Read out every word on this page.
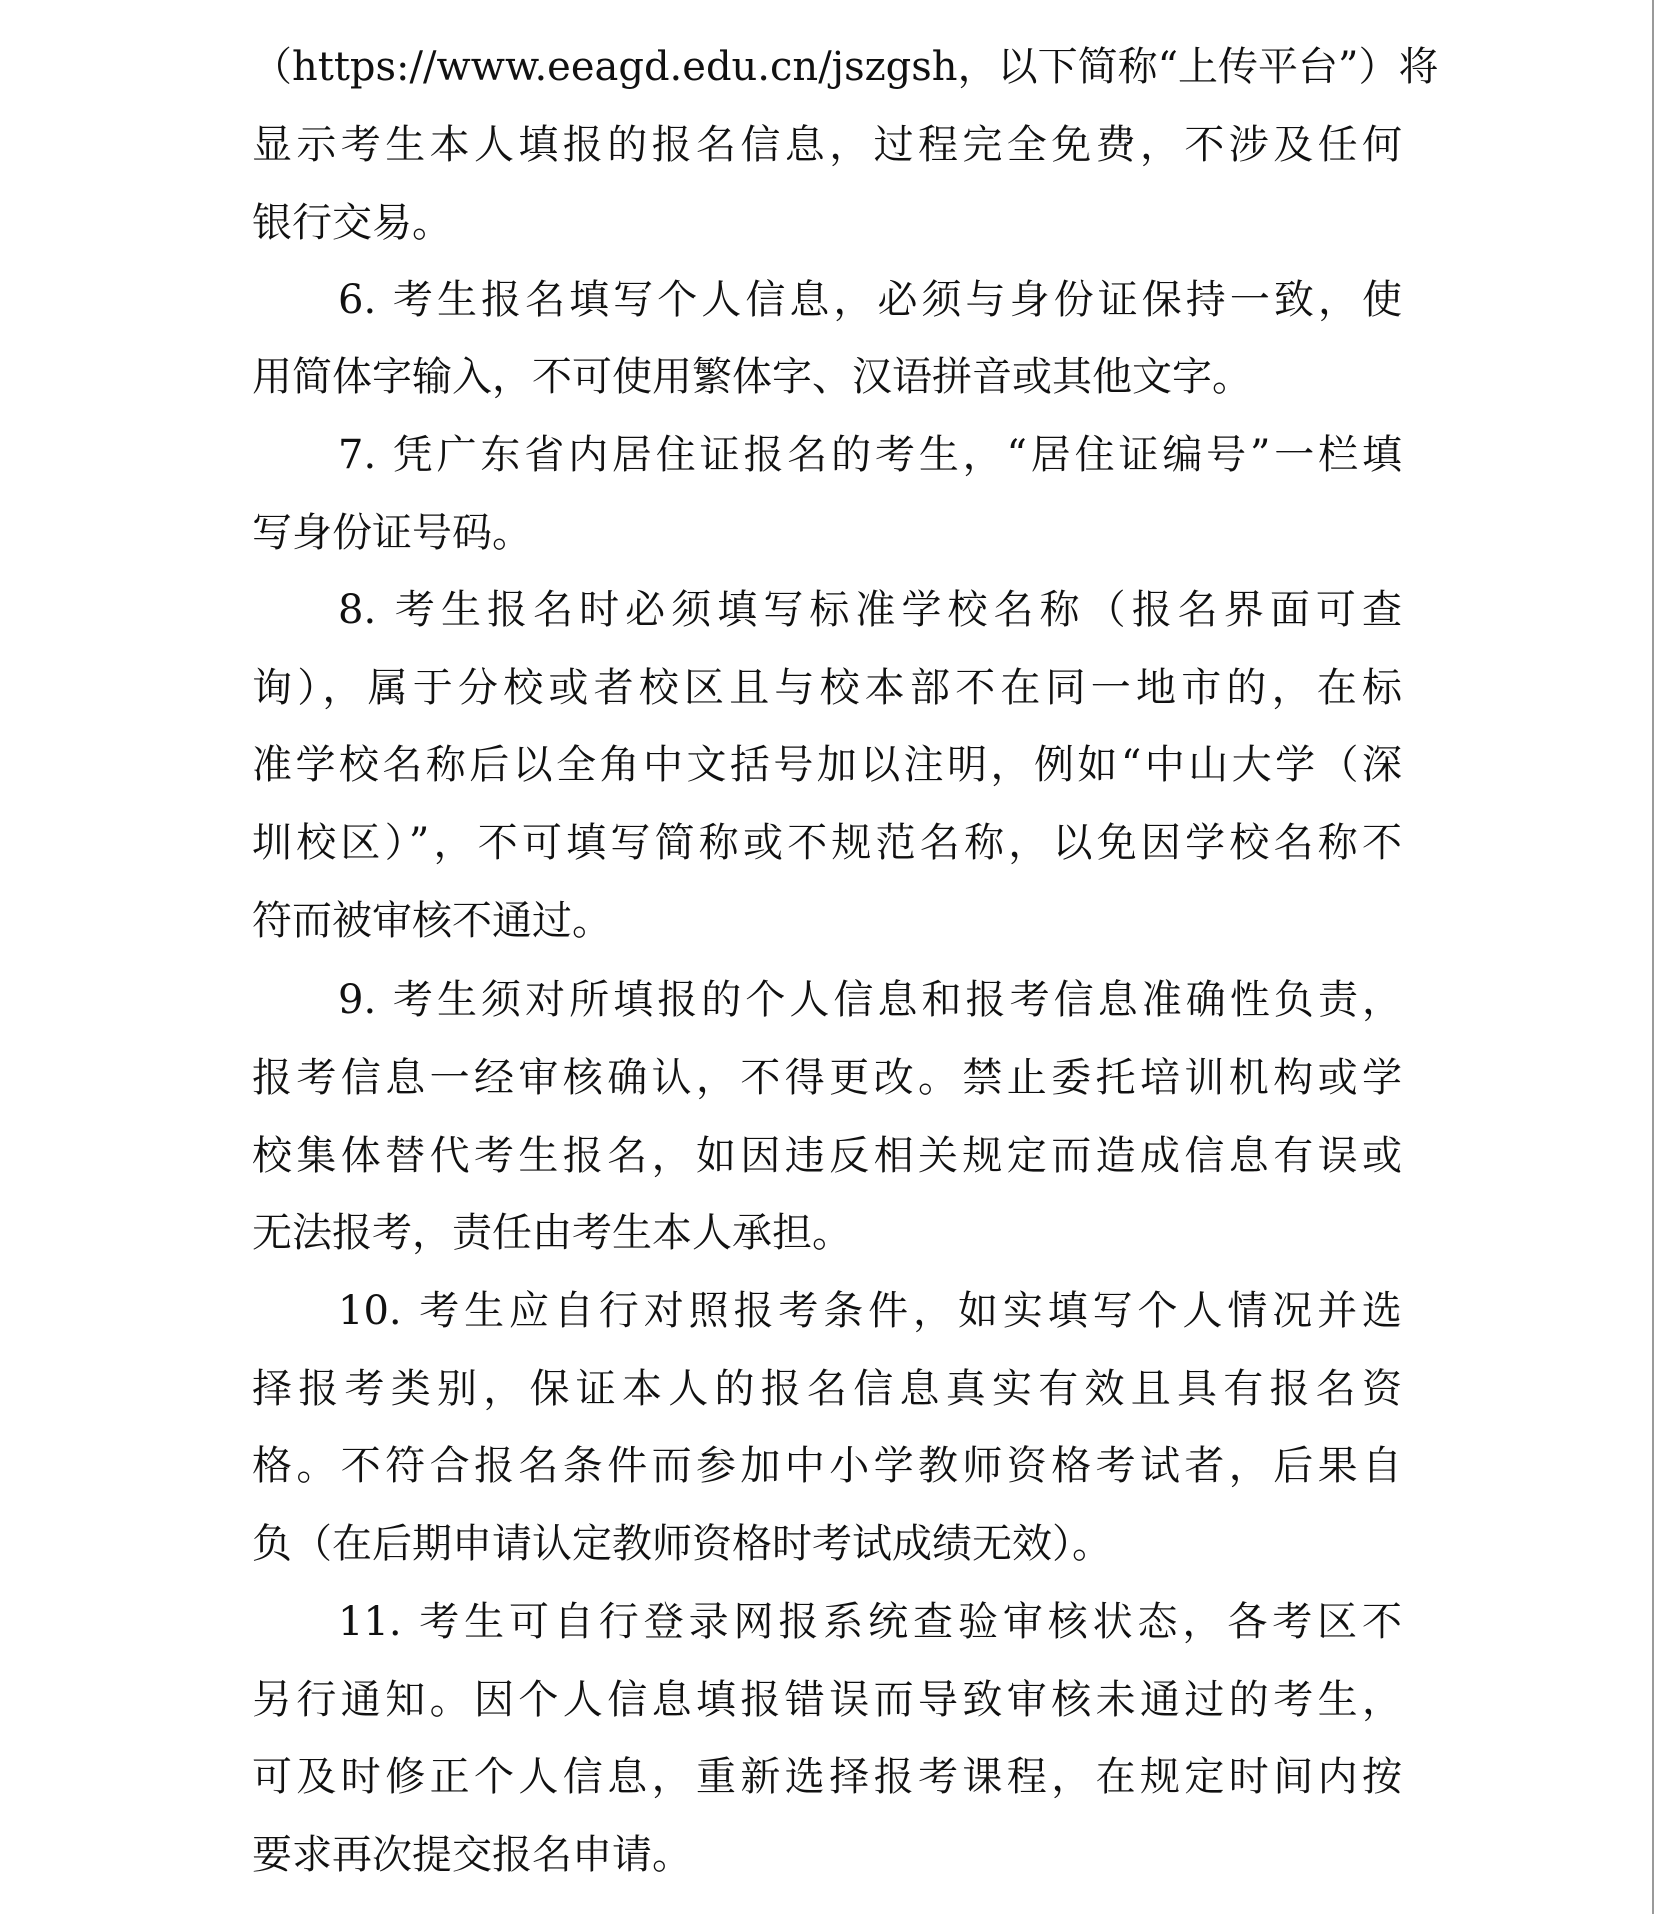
（https://www.eeagd.edu.cn/jszgsh，以下简称“上传平台”）将
显示考生本人填报的报名信息，过程完全免费，不涉及任何
银行交易。
6. 考生报名填写个人信息，必须与身份证保持一致，使
用简体字输入，不可使用繁体字、汉语拼音或其他文字。
7. 凭广东省内居住证报名的考生，“居住证编号”一栏填
写身份证号码。
8. 考生报名时必须填写标准学校名称（报名界面可查
询），属于分校或者校区且与校本部不在同一地市的，在标
准学校名称后以全角中文括号加以注明，例如“中山大学（深
圳校区）”，不可填写简称或不规范名称，以免因学校名称不
符而被审核不通过。
9. 考生须对所填报的个人信息和报考信息准确性负责，
报考信息一经审核确认，不得更改。禁止委托培训机构或学
校集体替代考生报名，如因违反相关规定而造成信息有误或
无法报考，责任由考生本人承担。
10. 考生应自行对照报考条件，如实填写个人情况并选
择报考类别，保证本人的报名信息真实有效且具有报名资
格。不符合报名条件而参加中小学教师资格考试者，后果自
负（在后期申请认定教师资格时考试成绩无效）。
11. 考生可自行登录网报系统查验审核状态，各考区不
另行通知。因个人信息填报错误而导致审核未通过的考生，
可及时修正个人信息，重新选择报考课程，在规定时间内按
要求再次提交报名申请。
